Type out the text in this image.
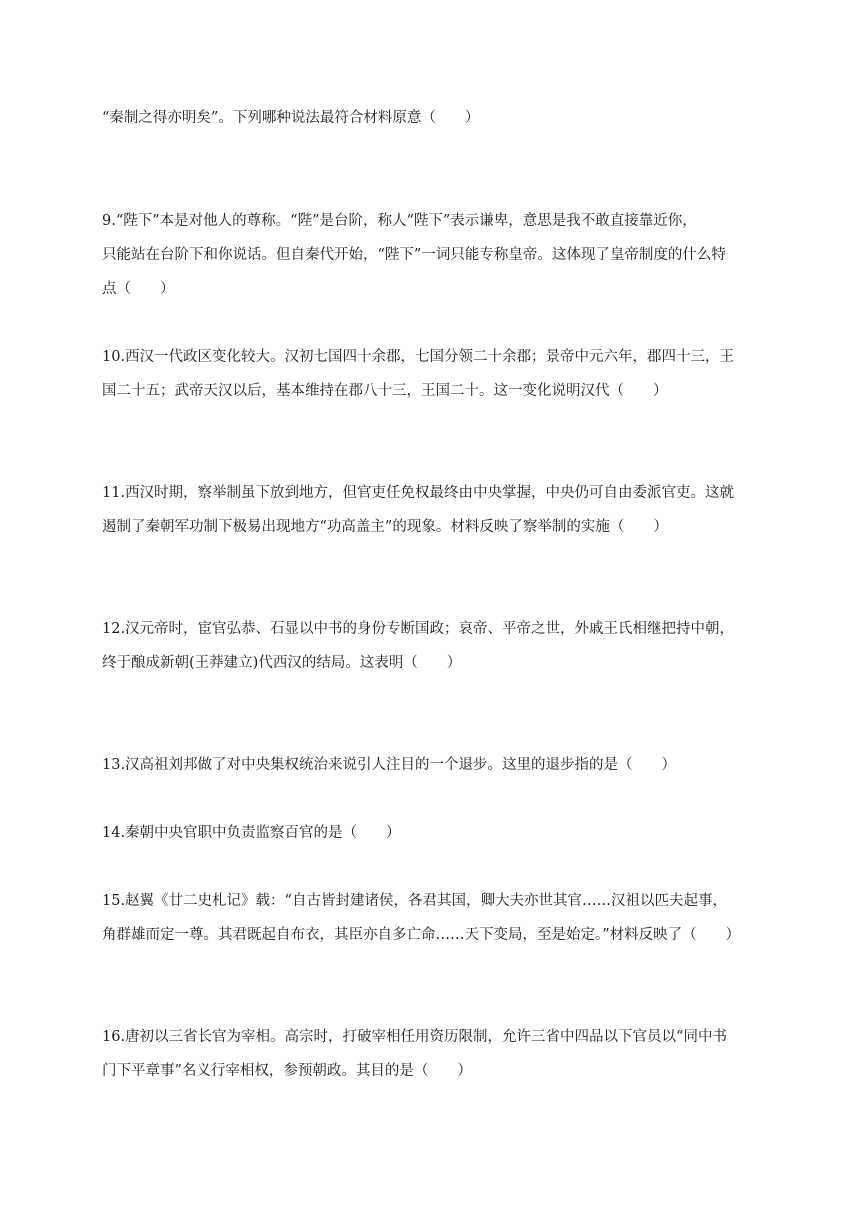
“秦制之得亦明矣”。下列哪种说法最符合材料原意（　　）
9.“陛下”本是对他人的尊称。“陛”是台阶，称人“陛下”表示谦卑，意思是我不敢直接靠近你，
只能站在台阶下和你说话。但自秦代开始，“陛下”一词只能专称皇帝。这体现了皇帝制度的什么特
点（　　）
10.西汉一代政区变化较大。汉初七国四十余郡，七国分领二十余郡；景帝中元六年，郡四十三，王
国二十五；武帝天汉以后，基本维持在郡八十三，王国二十。这一变化说明汉代（　　）
11.西汉时期，察举制虽下放到地方，但官吏任免权最终由中央掌握，中央仍可自由委派官吏。这就
遏制了秦朝军功制下极易出现地方“功高盖主”的现象。材料反映了察举制的实施（　　）
12.汉元帝时，宦官弘恭、石显以中书的身份专断国政；哀帝、平帝之世，外戚王氏相继把持中朝，
终于酿成新朝(王莽建立)代西汉的结局。这表明（　　）
13.汉高祖刘邦做了对中央集权统治来说引人注目的一个退步。这里的退步指的是（　　）
14.秦朝中央官职中负责监察百官的是（　　）
15.赵翼《廿二史札记》载：“自古皆封建诸侯，各君其国，卿大夫亦世其官……汉祖以匹夫起事，
角群雄而定一尊。其君既起自布衣，其臣亦自多亡命……天下变局，至是始定。”材料反映了（　　）
16.唐初以三省长官为宰相。高宗时，打破宰相任用资历限制，允许三省中四品以下官员以“同中书
门下平章事”名义行宰相权，参预朝政。其目的是（　　）
